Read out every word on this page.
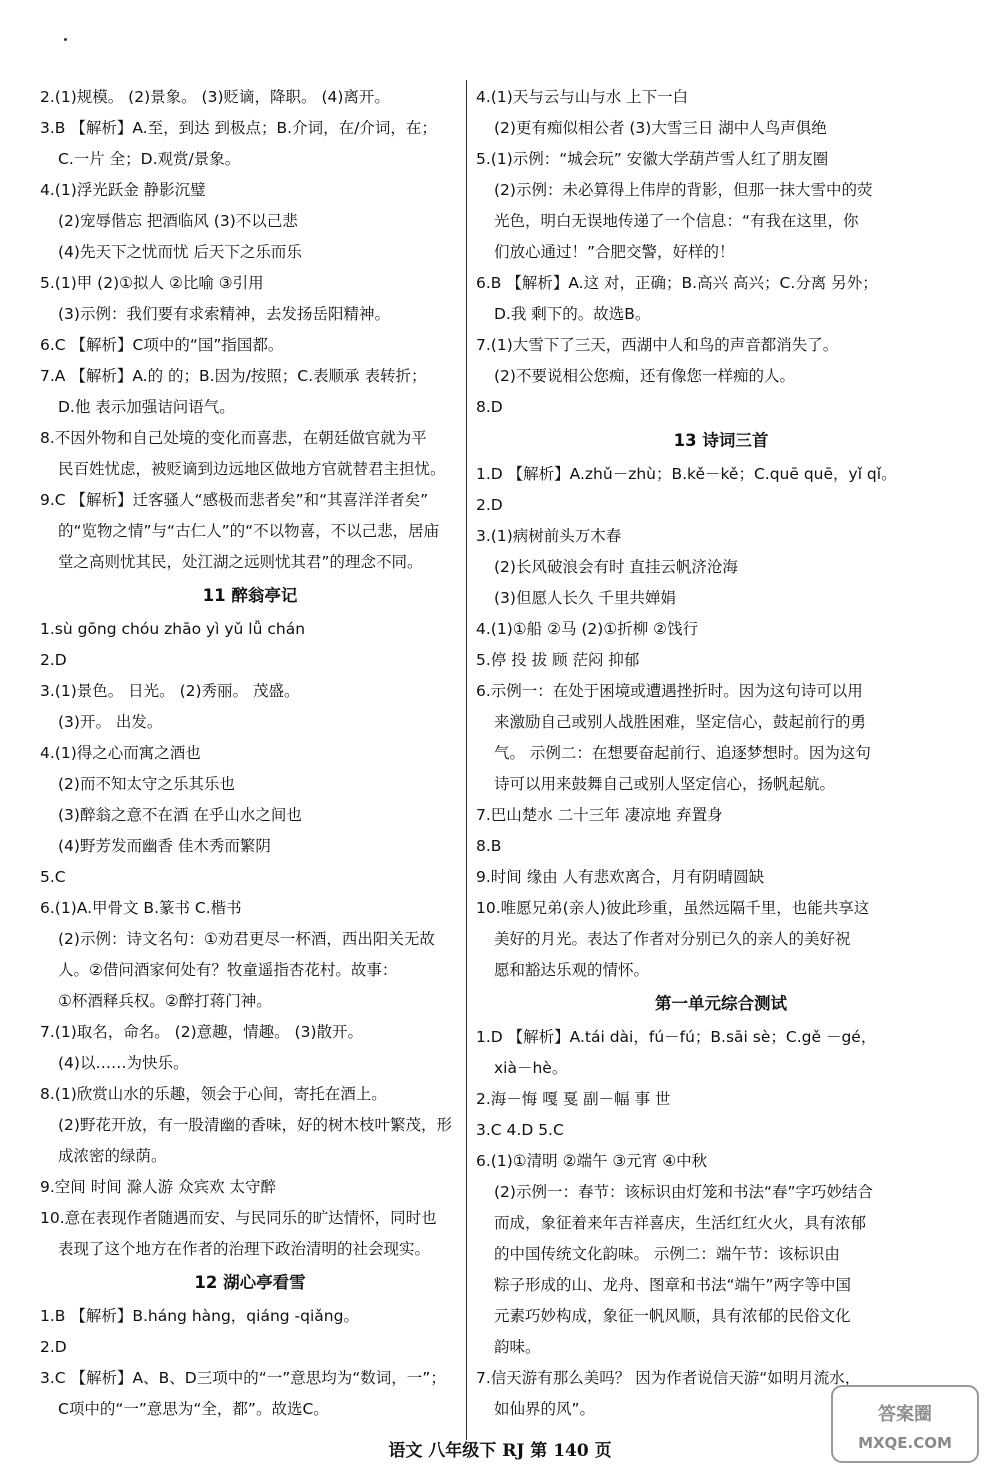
2.(1)规模。 (2)景象。 (3)贬谪，降职。 (4)离开。
3.B 【解析】A.至，到达 到极点；B.介词，在/介词，在；
C.一片 全；D.观赏/景象。
4.(1)浮光跃金 静影沉璧
(2)宠辱偕忘 把酒临风 (3)不以己悲
(4)先天下之忧而忧 后天下之乐而乐
5.(1)甲 (2)①拟人 ②比喻 ③引用
(3)示例：我们要有求索精神，去发扬岳阳精神。
6.C 【解析】C项中的“国”指国都。
7.A 【解析】A.的 的；B.因为/按照；C.表顺承 表转折；
D.他 表示加强诘问语气。
8.不因外物和自己处境的变化而喜悲，在朝廷做官就为平
民百姓忧虑，被贬谪到边远地区做地方官就替君主担忧。
9.C 【解析】迁客骚人“感极而悲者矣”和“其喜洋洋者矣”
的“览物之情”与“古仁人”的“不以物喜，不以己悲，居庙
堂之高则忧其民，处江湖之远则忧其君”的理念不同。
11 醉翁亭记
1.sù gōng chóu zhāo yì yǔ lǚ chán
2.D
3.(1)景色。 日光。 (2)秀丽。 茂盛。
(3)开。 出发。
4.(1)得之心而寓之酒也
(2)而不知太守之乐其乐也
(3)醉翁之意不在酒 在乎山水之间也
(4)野芳发而幽香 佳木秀而繁阴
5.C
6.(1)A.甲骨文 B.篆书 C.楷书
(2)示例：诗文名句：①劝君更尽一杯酒，西出阳关无故
人。②借问酒家何处有？牧童遥指杏花村。故事：
①杯酒释兵权。②醉打蒋门神。
7.(1)取名，命名。 (2)意趣，情趣。 (3)散开。
(4)以……为快乐。
8.(1)欣赏山水的乐趣，领会于心间，寄托在酒上。
(2)野花开放，有一股清幽的香味，好的树木枝叶繁茂，形
成浓密的绿荫。
9.空间 时间 滁人游 众宾欢 太守醉
10.意在表现作者随遇而安、与民同乐的旷达情怀，同时也
表现了这个地方在作者的治理下政治清明的社会现实。
12 湖心亭看雪
1.B 【解析】B.háng hàng，qiáng -qiǎng。
2.D
3.C 【解析】A、B、D三项中的“一”意思均为“数词，一”；
C项中的“一”意思为“全，都”。故选C。
4.(1)天与云与山与水 上下一白
(2)更有痴似相公者 (3)大雪三日 湖中人鸟声俱绝
5.(1)示例：“城会玩” 安徽大学葫芦雪人红了朋友圈
(2)示例：未必算得上伟岸的背影，但那一抹大雪中的荧
光色，明白无误地传递了一个信息：“有我在这里，你
们放心通过！”合肥交警，好样的！
6.B 【解析】A.这 对，正确；B.高兴 高兴；C.分离 另外；
D.我 剩下的。故选B。
7.(1)大雪下了三天，西湖中人和鸟的声音都消失了。
(2)不要说相公您痴，还有像您一样痴的人。
8.D
13 诗词三首
1.D 【解析】A.zhǔ－zhù；B.kě－kě；C.quē quē，yǐ qǐ。
2.D
3.(1)病树前头万木春
(2)长风破浪会有时 直挂云帆济沧海
(3)但愿人长久 千里共婵娟
4.(1)①船 ②马 (2)①折柳 ②饯行
5.停 投 拔 顾 茫闷 抑郁
6.示例一：在处于困境或遭遇挫折时。因为这句诗可以用
来激励自己或别人战胜困难，坚定信心，鼓起前行的勇
气。 示例二：在想要奋起前行、追逐梦想时。因为这句
诗可以用来鼓舞自己或别人坚定信心，扬帆起航。
7.巴山楚水 二十三年 凄凉地 弃置身
8.B
9.时间 缘由 人有悲欢离合，月有阴晴圆缺
10.唯愿兄弟(亲人)彼此珍重，虽然远隔千里，也能共享这
美好的月光。表达了作者对分别已久的亲人的美好祝
愿和豁达乐观的情怀。
第一单元综合测试
1.D 【解析】A.tái dài，fú－fú；B.sāi sè；C.gě －gé，
xià－hè。
2.海－悔 嘎 戛 副－幅 事 世
3.C 4.D 5.C
6.(1)①清明 ②端午 ③元宵 ④中秋
(2)示例一：春节：该标识由灯笼和书法“春”字巧妙结合
而成，象征着来年吉祥喜庆，生活红红火火，具有浓郁
的中国传统文化韵味。 示例二：端午节：该标识由
粽子形成的山、龙舟、图章和书法“端午”两字等中国
元素巧妙构成，象征一帆风顺，具有浓郁的民俗文化
韵味。
7.信天游有那么美吗？ 因为作者说信天游“如明月流水，
如仙界的风”。
语文 八年级下 RJ 第 140 页
答案圈
MXQE.COM
